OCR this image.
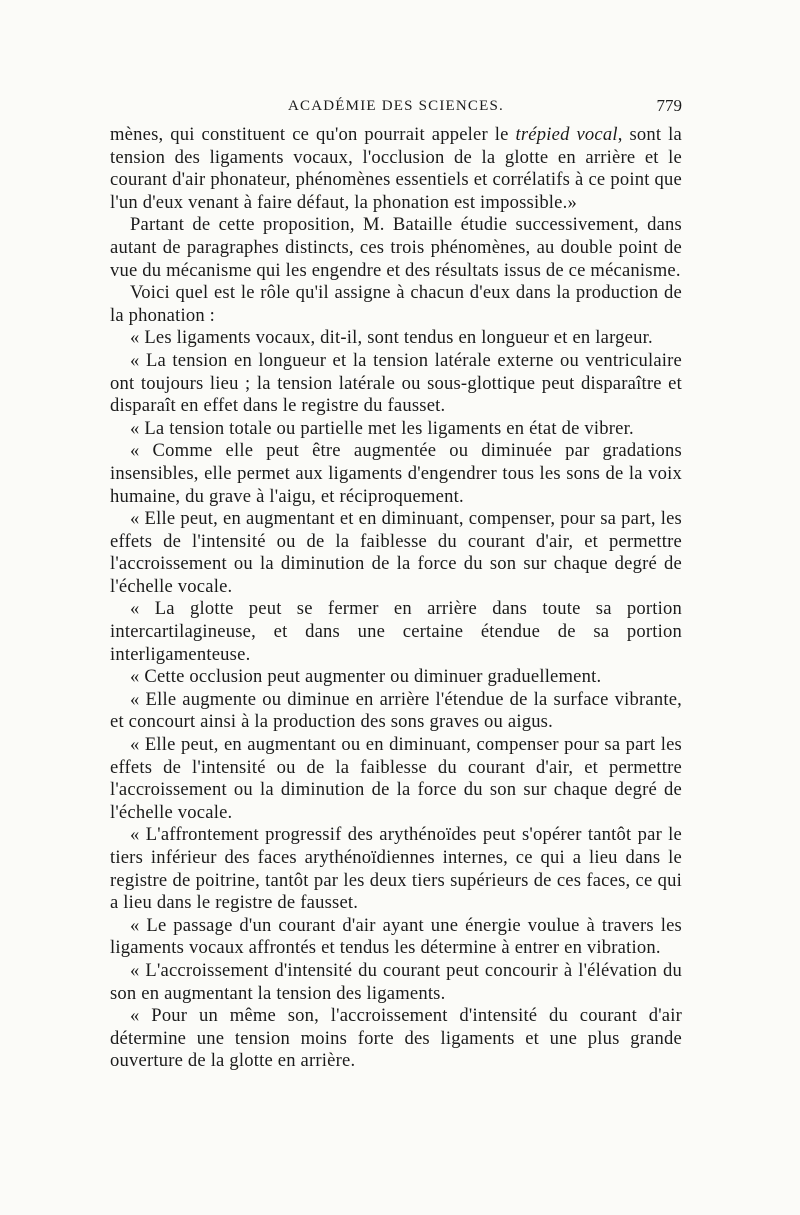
ACADÉMIE DES SCIENCES.	779

mènes, qui constituent ce qu'on pourrait appeler le trépied vocal, sont la tension des ligaments vocaux, l'occlusion de la glotte en arrière et le courant d'air phonateur, phénomènes essentiels et corrélatifs à ce point que l'un d'eux venant à faire défaut, la phonation est impossible.»

Partant de cette proposition, M. Bataille étudie successivement, dans autant de paragraphes distincts, ces trois phénomènes, au double point de vue du mécanisme qui les engendre et des résultats issus de ce mécanisme.

Voici quel est le rôle qu'il assigne à chacun d'eux dans la production de la phonation :

« Les ligaments vocaux, dit-il, sont tendus en longueur et en largeur.

« La tension en longueur et la tension latérale externe ou ventriculaire ont toujours lieu ; la tension latérale ou sous-glottique peut disparaître et disparaît en effet dans le registre du fausset.

« La tension totale ou partielle met les ligaments en état de vibrer.

« Comme elle peut être augmentée ou diminuée par gradations insensibles, elle permet aux ligaments d'engendrer tous les sons de la voix humaine, du grave à l'aigu, et réciproquement.

« Elle peut, en augmentant et en diminuant, compenser, pour sa part, les effets de l'intensité ou de la faiblesse du courant d'air, et permettre l'accroissement ou la diminution de la force du son sur chaque degré de l'échelle vocale.

« La glotte peut se fermer en arrière dans toute sa portion intercartilagineuse, et dans une certaine étendue de sa portion interligamenteuse.

« Cette occlusion peut augmenter ou diminuer graduellement.

« Elle augmente ou diminue en arrière l'étendue de la surface vibrante, et concourt ainsi à la production des sons graves ou aigus.

« Elle peut, en augmentant ou en diminuant, compenser pour sa part les effets de l'intensité ou de la faiblesse du courant d'air, et permettre l'accroissement ou la diminution de la force du son sur chaque degré de l'échelle vocale.

« L'affrontement progressif des arythénoïdes peut s'opérer tantôt par le tiers inférieur des faces arythénoïdiennes internes, ce qui a lieu dans le registre de poitrine, tantôt par les deux tiers supérieurs de ces faces, ce qui a lieu dans le registre de fausset.

« Le passage d'un courant d'air ayant une énergie voulue à travers les ligaments vocaux affrontés et tendus les détermine à entrer en vibration.

« L'accroissement d'intensité du courant peut concourir à l'élévation du son en augmentant la tension des ligaments.

« Pour un même son, l'accroissement d'intensité du courant d'air détermine une tension moins forte des ligaments et une plus grande ouverture de la glotte en arrière.
